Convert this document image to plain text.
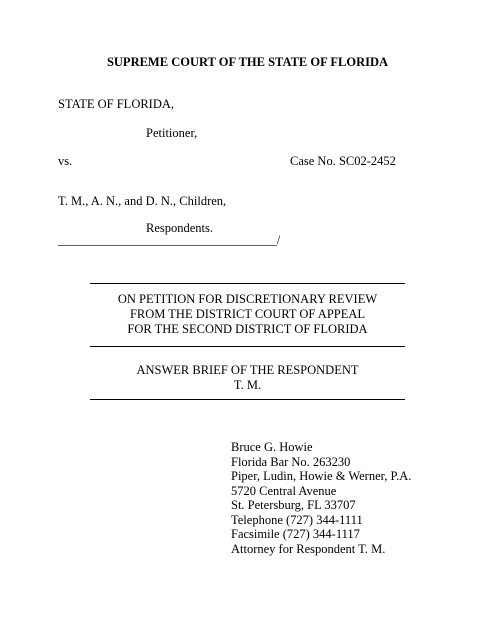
SUPREME COURT OF THE STATE OF FLORIDA
STATE OF FLORIDA,
Petitioner,
vs.	Case No. SC02-2452
T. M., A. N., and D. N., Children,
Respondents.
___________________________________/
ON PETITION FOR DISCRETIONARY REVIEW
FROM THE DISTRICT COURT OF APPEAL
FOR THE SECOND DISTRICT OF FLORIDA
ANSWER BRIEF OF THE RESPONDENT
T. M.
Bruce G. Howie
Florida Bar No. 263230
Piper, Ludin, Howie & Werner, P.A.
5720 Central Avenue
St. Petersburg, FL 33707
Telephone (727) 344-1111
Facsimile (727) 344-1117
Attorney for Respondent T. M.
